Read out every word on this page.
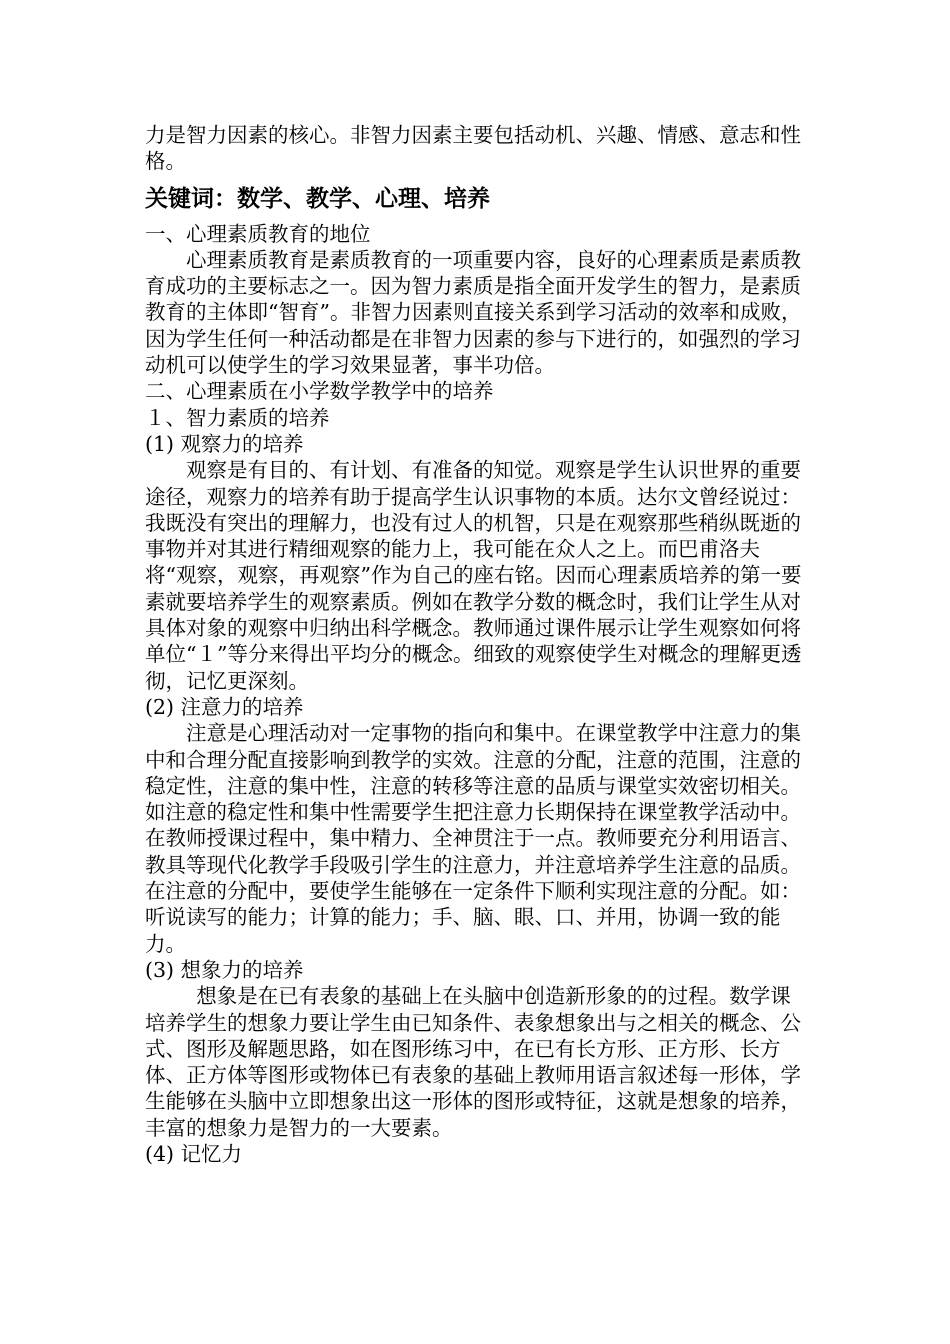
力是智力因素的核心。非智力因素主要包括动机、兴趣、情感、意志和性格。

关键词：数学、教学、心理、培养
一、心理素质教育的地位

心理素质教育是素质教育的一项重要内容，良好的心理素质是素质教育成功的主要标志之一。因为智力素质是指全面开发学生的智力，是素质教育的主体即“智育”。非智力因素则直接关系到学习活动的效率和成败，因为学生任何一种活动都是在非智力因素的参与下进行的，如强烈的学习动机可以使学生的学习效果显著，事半功倍。

二、心理素质在小学数学教学中的培养
１、智力素质的培养
(1) 观察力的培养

观察是有目的、有计划、有准备的知觉。观察是学生认识世界的重要途径，观察力的培养有助于提高学生认识事物的本质。达尔文曾经说过：我既没有突出的理解力，也没有过人的机智，只是在观察那些稍纵既逝的事物并对其进行精细观察的能力上，我可能在众人之上。而巴甫洛夫将“观察，观察，再观察”作为自己的座右铭。因而心理素质培养的第一要素就要培养学生的观察素质。例如在教学分数的概念时，我们让学生从对具体对象的观察中归纳出科学概念。教师通过课件展示让学生观察如何将单位“１”等分来得出平均分的概念。细致的观察使学生对概念的理解更透彻，记忆更深刻。

(2) 注意力的培养

注意是心理活动对一定事物的指向和集中。在课堂教学中注意力的集中和合理分配直接影响到教学的实效。注意的分配，注意的范围，注意的稳定性，注意的集中性，注意的转移等注意的品质与课堂实效密切相关。如注意的稳定性和集中性需要学生把注意力长期保持在课堂教学活动中。在教师授课过程中，集中精力、全神贯注于一点。教师要充分利用语言、教具等现代化教学手段吸引学生的注意力，并注意培养学生注意的品质。在注意的分配中，要使学生能够在一定条件下顺利实现注意的分配。如：听说读写的能力；计算的能力；手、脑、眼、口、并用，协调一致的能力。

(3) 想象力的培养

想象是在已有表象的基础上在头脑中创造新形象的的过程。数学课培养学生的想象力要让学生由已知条件、表象想象出与之相关的概念、公式、图形及解题思路，如在图形练习中，在已有长方形、正方形、长方体、正方体等图形或物体已有表象的基础上教师用语言叙述每一形体，学生能够在头脑中立即想象出这一形体的图形或特征，这就是想象的培养，丰富的想象力是智力的一大要素。

(4) 记忆力
